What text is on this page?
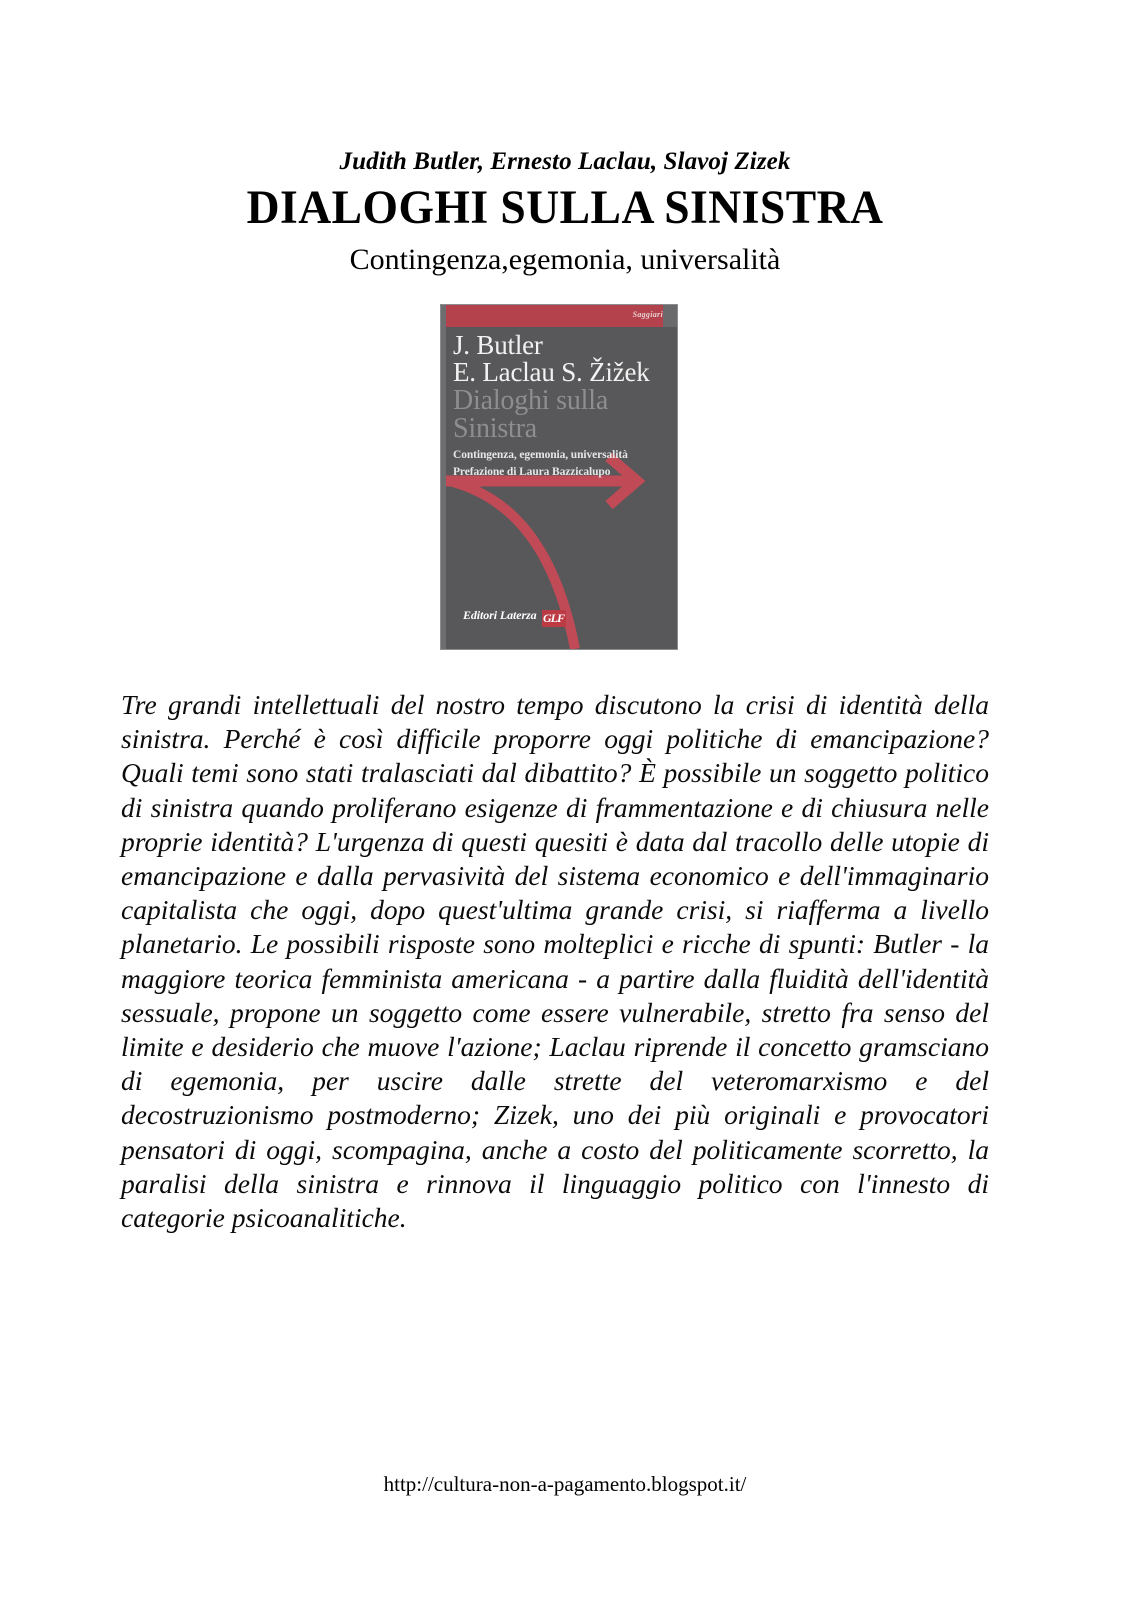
Judith Butler, Ernesto Laclau, Slavoj Zizek
DIALOGHI SULLA SINISTRA
Contingenza,egemonia, universalità
Saggiari
J. Butler
E. Laclau S. Žižek
Dialoghi sulla
Sinistra
Contingenza, egemonia, universalità
Prefazione di Laura Bazzicalupo
Editori Laterza GLF
Tre grandi intellettuali del nostro tempo discutono la crisi di identità della sinistra. Perché è così difficile proporre oggi politiche di emancipazione? Quali temi sono stati tralasciati dal dibattito? È possibile un soggetto politico di sinistra quando proliferano esigenze di frammentazione e di chiusura nelle proprie identità? L'urgenza di questi quesiti è data dal tracollo delle utopie di emancipazione e dalla pervasività del sistema economico e dell'immaginario capitalista che oggi, dopo quest'ultima grande crisi, si riafferma a livello planetario. Le possibili risposte sono molteplici e ricche di spunti: Butler - la maggiore teorica femminista americana - a partire dalla fluidità dell'identità sessuale, propone un soggetto come essere vulnerabile, stretto fra senso del limite e desiderio che muove l'azione; Laclau riprende il concetto gramsciano di egemonia, per uscire dalle strette del veteromarxismo e del decostruzionismo postmoderno; Zizek, uno dei più originali e provocatori pensatori di oggi, scompagina, anche a costo del politicamente scorretto, la paralisi della sinistra e rinnova il linguaggio politico con l'innesto di categorie psicoanalitiche.
http://cultura-non-a-pagamento.blogspot.it/
